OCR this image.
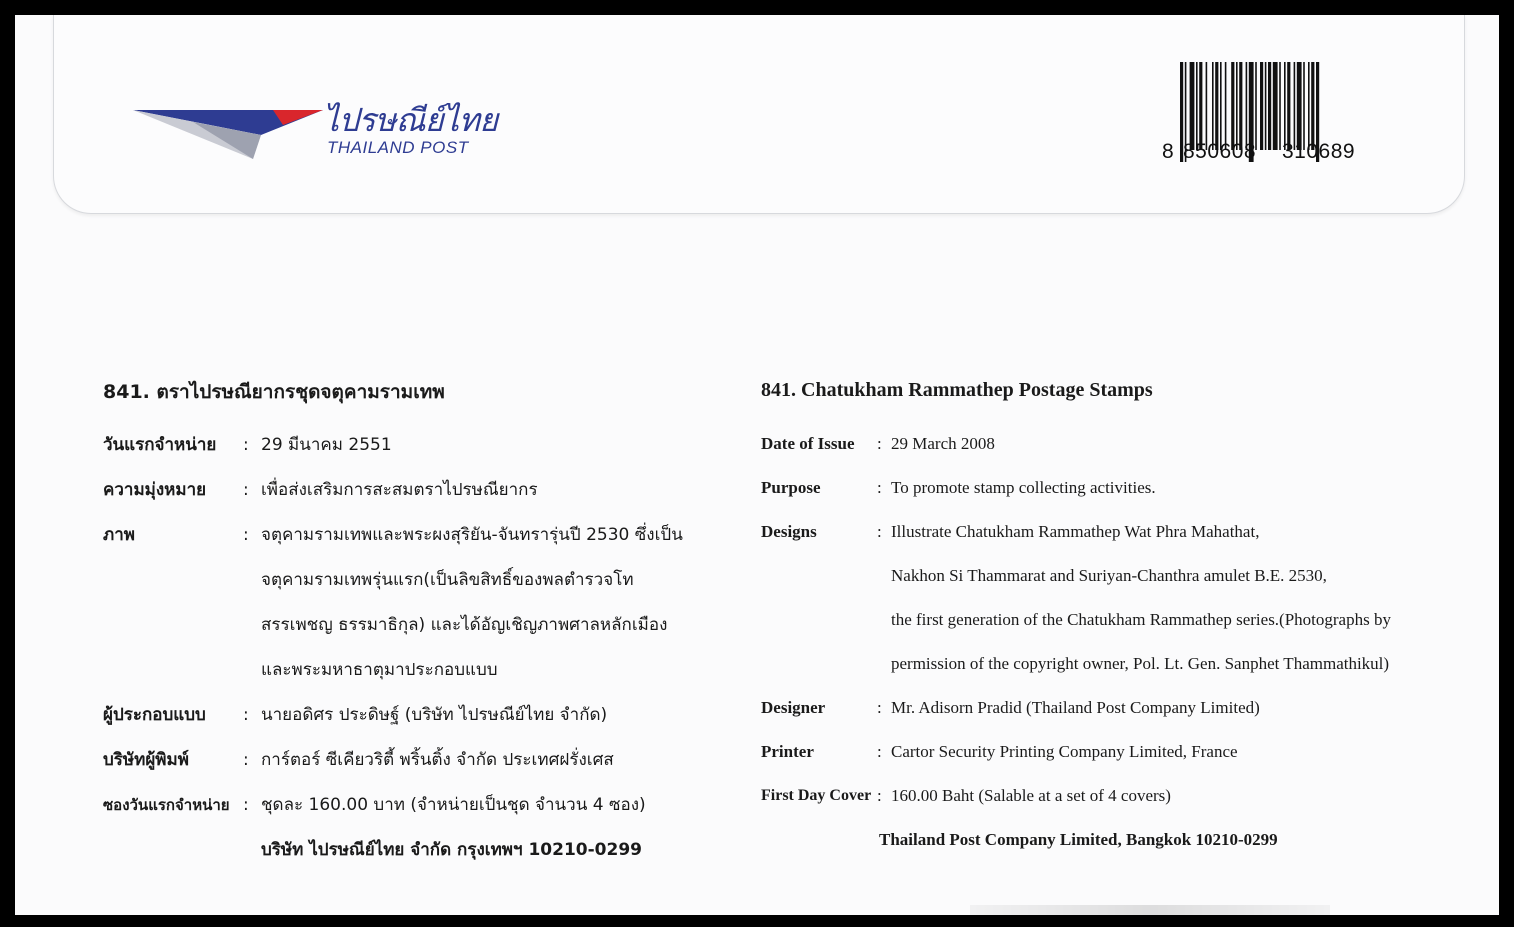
ไปรษณีย์ไทย
THAILAND POST	8 850608 310689
841. ตราไปรษณียากรชุดจตุคามรามเทพ
วันแรกจำหน่าย	: 29 มีนาคม 2551
ความมุ่งหมาย	: เพื่อส่งเสริมการสะสมตราไปรษณียากร
ภาพ	: จตุคามรามเทพและพระผงสุริยัน-จันทรารุ่นปี 2530 ซึ่งเป็น
จตุคามรามเทพรุ่นแรก(เป็นลิขสิทธิ์ของพลตำรวจโท
สรรเพชญ ธรรมาธิกุล) และได้อัญเชิญภาพศาลหลักเมือง
และพระมหาธาตุมาประกอบแบบ
ผู้ประกอบแบบ	: นายอดิศร ประดิษฐ์ (บริษัท ไปรษณีย์ไทย จำกัด)
บริษัทผู้พิมพ์	: การ์ตอร์ ซีเคียวริตี้ พริ้นติ้ง จำกัด ประเทศฝรั่งเศส
ซองวันแรกจำหน่าย : ชุดละ 160.00 บาท (จำหน่ายเป็นชุด จำนวน 4 ซอง)
บริษัท ไปรษณีย์ไทย จำกัด กรุงเทพฯ 10210-0299
841. Chatukham Rammathep Postage Stamps
Date of Issue	: 29 March 2008
Purpose	: To promote stamp collecting activities.
Designs	: Illustrate Chatukham Rammathep Wat Phra Mahathat,
Nakhon Si Thammarat and Suriyan-Chanthra amulet B.E. 2530,
the first generation of the Chatukham Rammathep series.(Photographs by
permission of the copyright owner, Pol. Lt. Gen. Sanphet Thammathikul)
Designer	: Mr. Adisorn Pradid (Thailand Post Company Limited)
Printer	: Cartor Security Printing Company Limited, France
First Day Cover : 160.00 Baht (Salable at a set of 4 covers)
Thailand Post Company Limited, Bangkok 10210-0299
